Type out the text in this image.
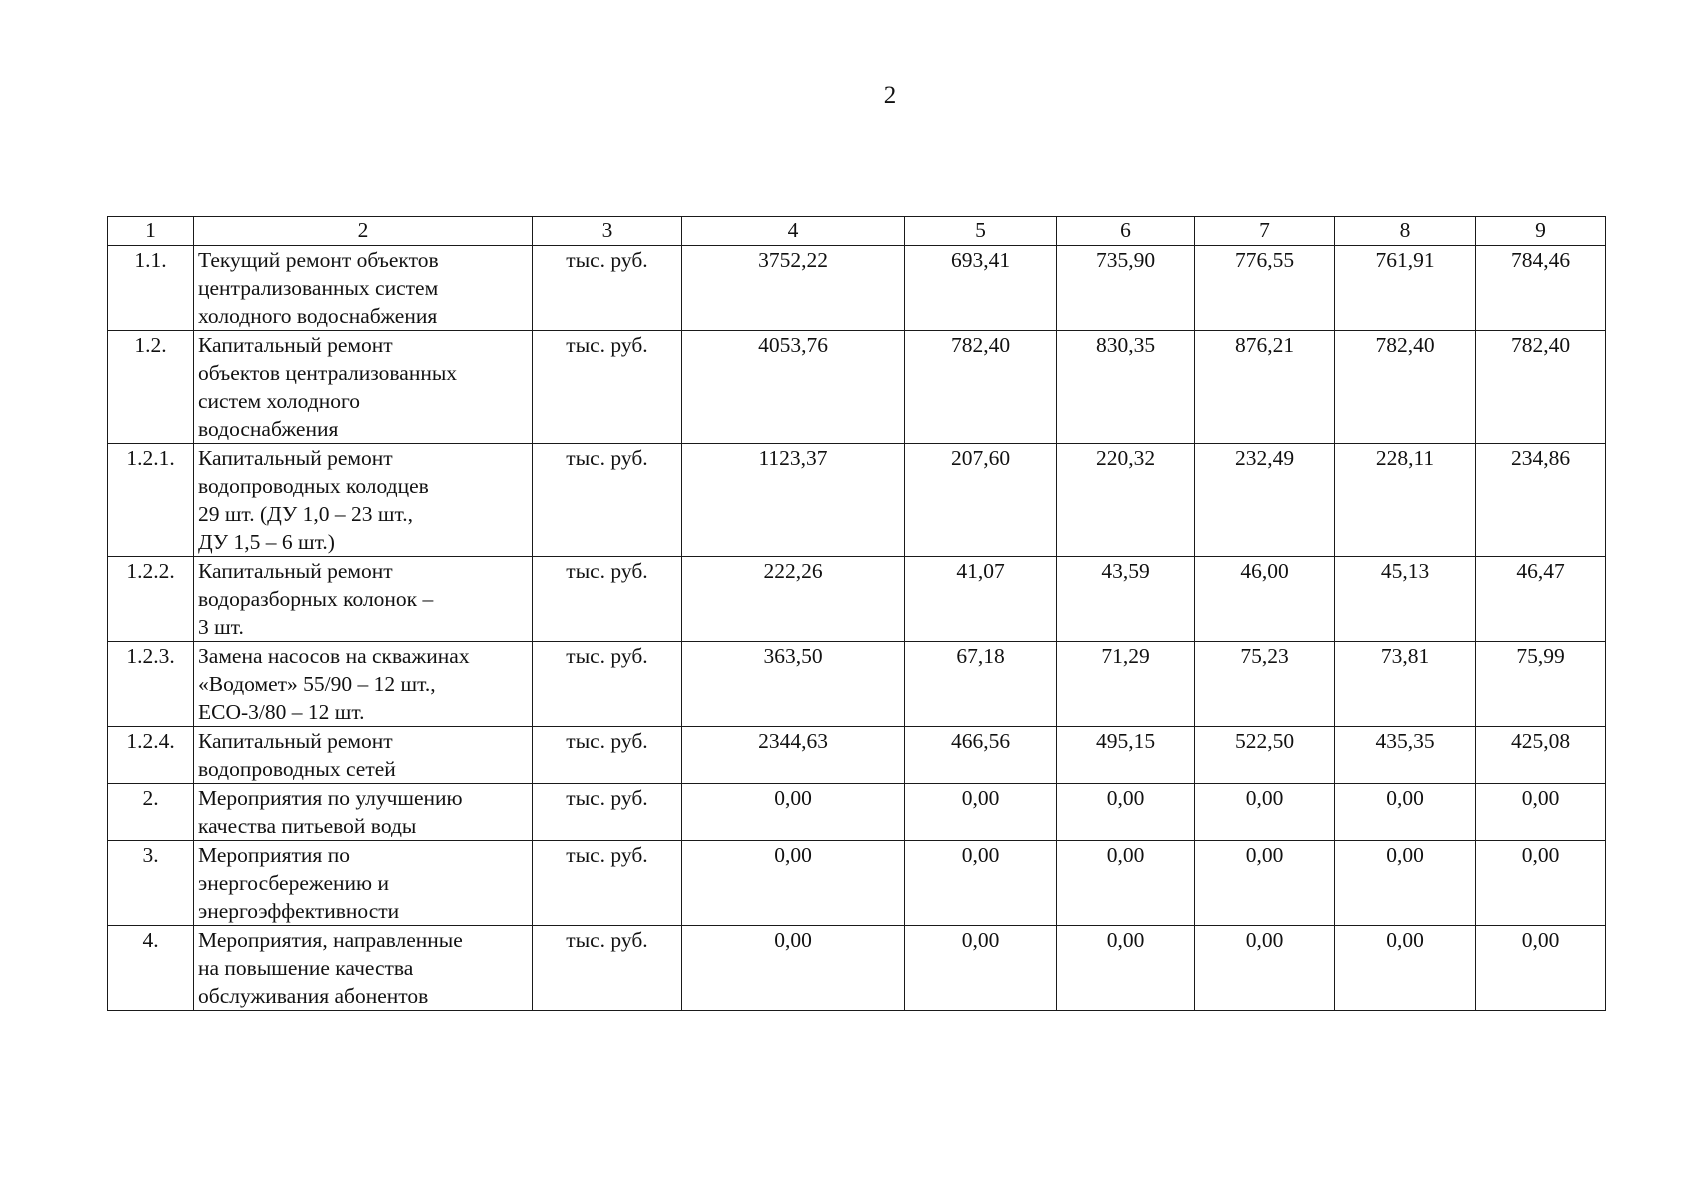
2
1	2	3	4	5	6	7	8	9
1.1.	Текущий ремонт объектов
централизованных систем
холодного водоснабжения	тыс. руб.	3752,22	693,41	735,90	776,55	761,91	784,46
1.2.	Капитальный ремонт
объектов централизованных
систем холодного
водоснабжения	тыс. руб.	4053,76	782,40	830,35	876,21	782,40	782,40
1.2.1.	Капитальный ремонт
водопроводных колодцев
29 шт. (ДУ 1,0 – 23 шт.,
ДУ 1,5 – 6 шт.)	тыс. руб.	1123,37	207,60	220,32	232,49	228,11	234,86
1.2.2.	Капитальный ремонт
водоразборных колонок –
3 шт.	тыс. руб.	222,26	41,07	43,59	46,00	45,13	46,47
1.2.3.	Замена насосов на скважинах
«Водомет» 55/90 – 12 шт.,
ECO-3/80 – 12 шт.	тыс. руб.	363,50	67,18	71,29	75,23	73,81	75,99
1.2.4.	Капитальный ремонт
водопроводных сетей	тыс. руб.	2344,63	466,56	495,15	522,50	435,35	425,08
2.	Мероприятия по улучшению
качества питьевой воды	тыс. руб.	0,00	0,00	0,00	0,00	0,00	0,00
3.	Мероприятия по
энергосбережению и
энергоэффективности	тыс. руб.	0,00	0,00	0,00	0,00	0,00	0,00
4.	Мероприятия, направленные
на повышение качества
обслуживания абонентов	тыс. руб.	0,00	0,00	0,00	0,00	0,00	0,00
